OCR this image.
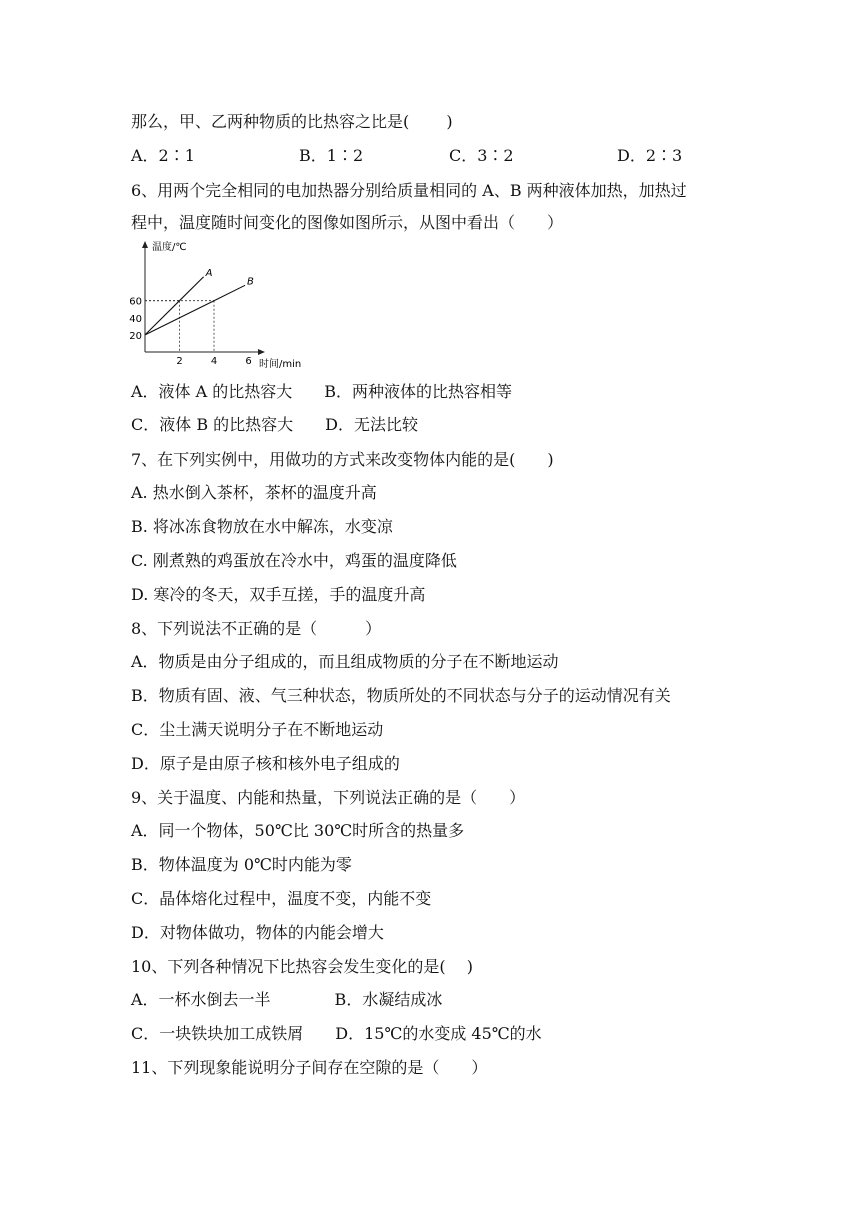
那么，甲、乙两种物质的比热容之比是(　　 )
A．2∶1	B．1∶2	C．3∶2	D．2∶3
6、用两个完全相同的电加热器分别给质量相同的 A、B 两种液体加热，加热过
程中，温度随时间变化的图像如图所示，从图中看出（　　）
温度/℃
时间/min
20
40
60
2	4	6
A
B
A．液体 A 的比热容大　　B．两种液体的比热容相等
C．液体 B 的比热容大　　D．无法比较
7、在下列实例中，用做功的方式来改变物体内能的是(　　)
A. 热水倒入茶杯，茶杯的温度升高
B. 将冰冻食物放在水中解冻，水变凉
C. 刚煮熟的鸡蛋放在冷水中，鸡蛋的温度降低
D. 寒冷的冬天，双手互搓，手的温度升高
8、下列说法不正确的是（　　　）
A．物质是由分子组成的，而且组成物质的分子在不断地运动
B．物质有固、液、气三种状态，物质所处的不同状态与分子的运动情况有关
C．尘土满天说明分子在不断地运动
D．原子是由原子核和核外电子组成的
9、关于温度、内能和热量，下列说法正确的是（　　）
A．同一个物体，50℃比 30℃时所含的热量多
B．物体温度为 0℃时内能为零
C．晶体熔化过程中，温度不变，内能不变
D．对物体做功，物体的内能会增大
10、下列各种情况下比热容会发生变化的是(　 )
A．一杯水倒去一半　　　　B．水凝结成冰
C．一块铁块加工成铁屑　　D．15℃的水变成 45℃的水
11、下列现象能说明分子间存在空隙的是（　　）
